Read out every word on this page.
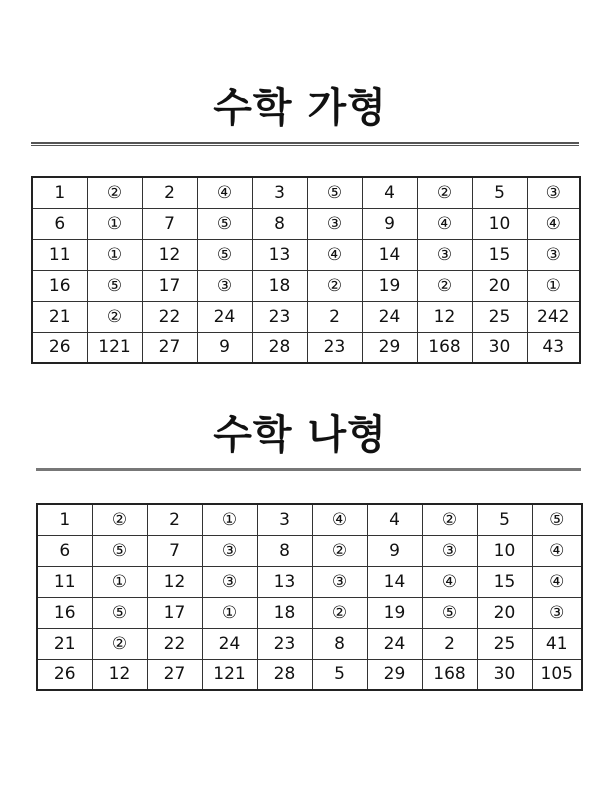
수학 가형
1	②	2	④	3	⑤	4	②	5	③
6	①	7	⑤	8	③	9	④	10	④
11	①	12	⑤	13	④	14	③	15	③
16	⑤	17	③	18	②	19	②	20	①
21	②	22	24	23	2	24	12	25	242
26	121	27	9	28	23	29	168	30	43
수학 나형
1	②	2	①	3	④	4	②	5	⑤
6	⑤	7	③	8	②	9	③	10	④
11	①	12	③	13	③	14	④	15	④
16	⑤	17	①	18	②	19	⑤	20	③
21	②	22	24	23	8	24	2	25	41
26	12	27	121	28	5	29	168	30	105
